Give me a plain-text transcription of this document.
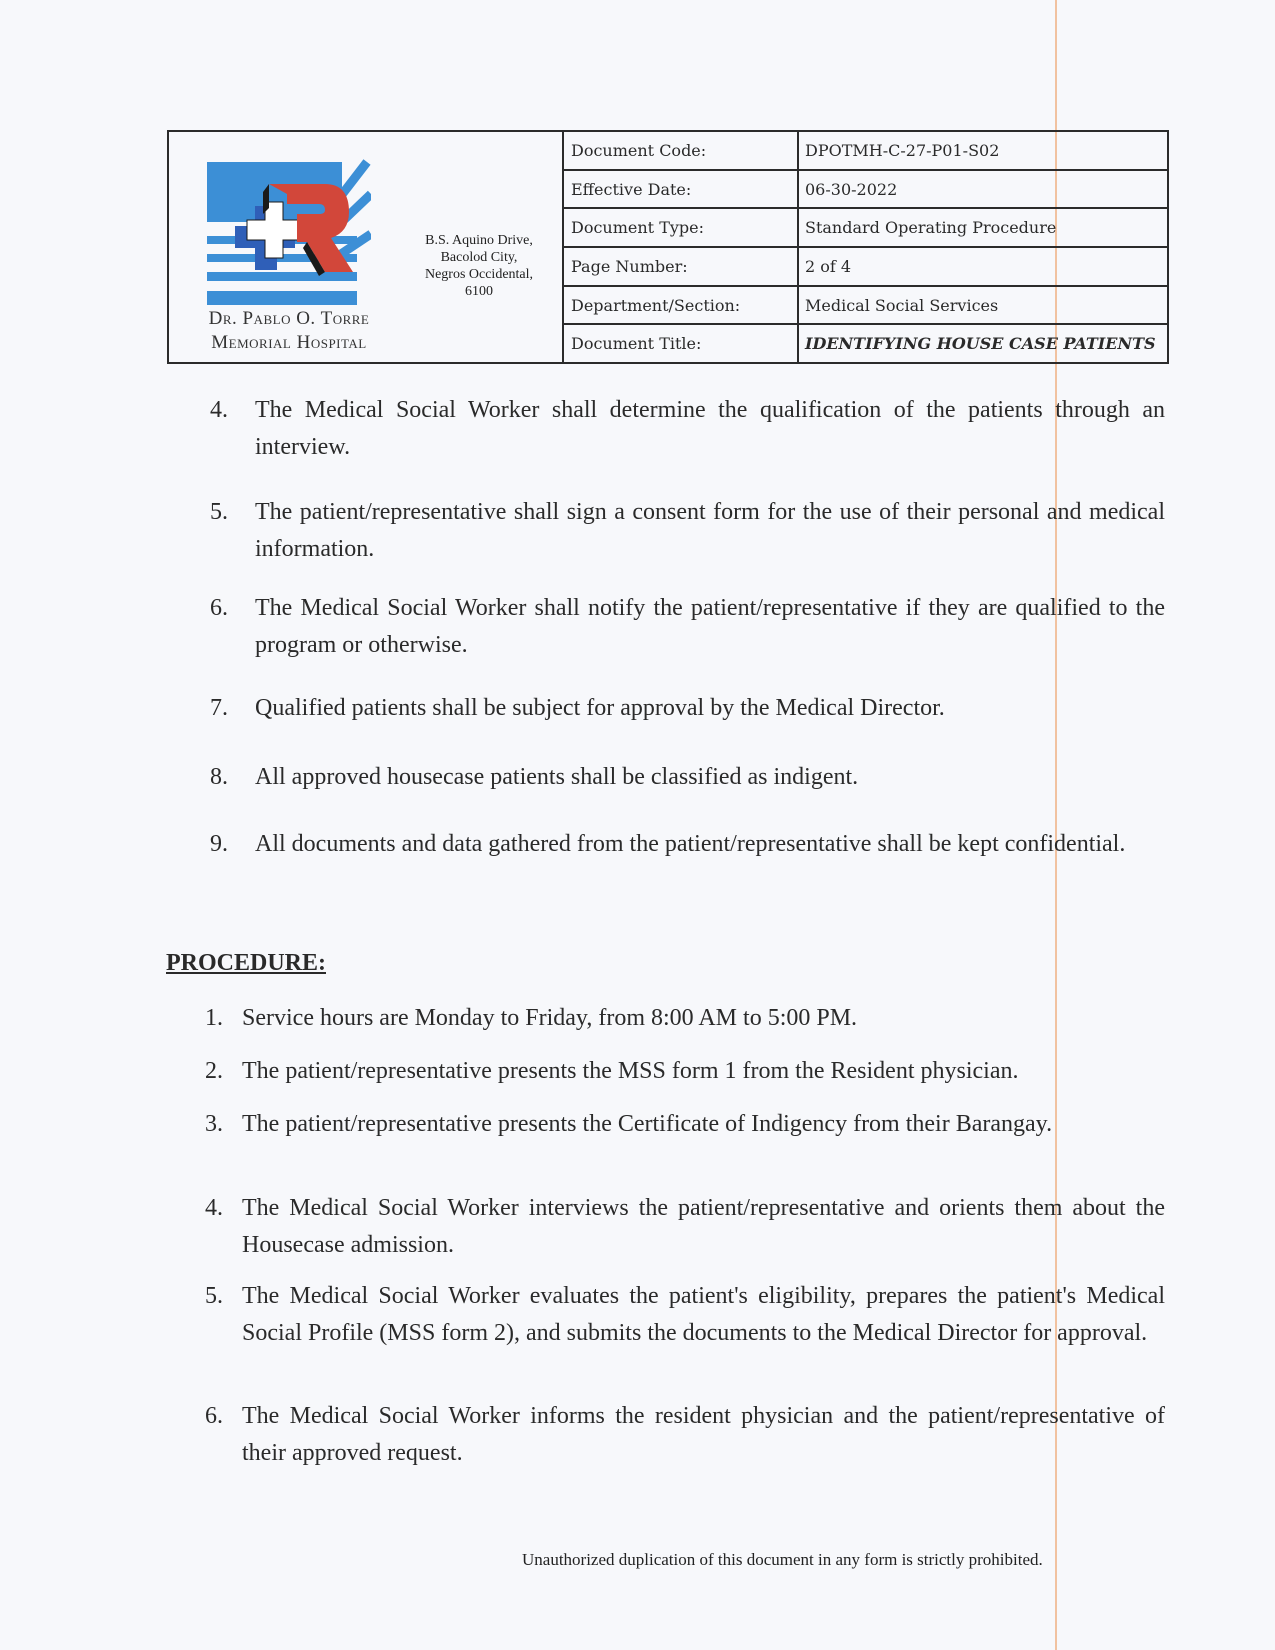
Dr. Pablo O. Torre
Memorial Hospital
B.S. Aquino Drive,
Bacolod City,
Negros Occidental,
6100
Document Code:	DPOTMH-C-27-P01-S02
Effective Date:	06-30-2022
Document Type:	Standard Operating Procedure
Page Number:	2 of 4
Department/Section:	Medical Social Services
Document Title:	IDENTIFYING HOUSE CASE PATIENTS
4. The Medical Social Worker shall determine the qualification of the patients through an interview.
5. The patient/representative shall sign a consent form for the use of their personal and medical information.
6. The Medical Social Worker shall notify the patient/representative if they are qualified to the program or otherwise.
7. Qualified patients shall be subject for approval by the Medical Director.
8. All approved housecase patients shall be classified as indigent.
9. All documents and data gathered from the patient/representative shall be kept confidential.
PROCEDURE:
1. Service hours are Monday to Friday, from 8:00 AM to 5:00 PM.
2. The patient/representative presents the MSS form 1 from the Resident physician.
3. The patient/representative presents the Certificate of Indigency from their Barangay.
4. The Medical Social Worker interviews the patient/representative and orients them about the Housecase admission.
5. The Medical Social Worker evaluates the patient's eligibility, prepares the patient's Medical Social Profile (MSS form 2), and submits the documents to the Medical Director for approval.
6. The Medical Social Worker informs the resident physician and the patient/representative of their approved request.
Unauthorized duplication of this document in any form is strictly prohibited.
